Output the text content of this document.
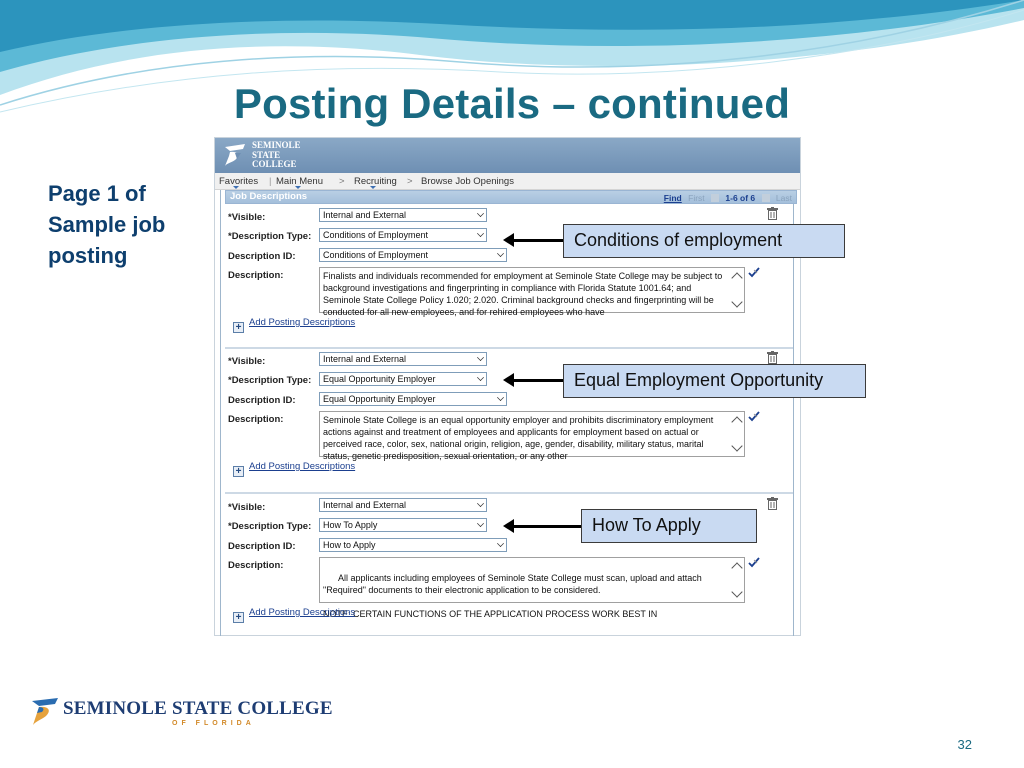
Posting Details – continued
Page 1 of Sample job posting
SEMINOLE
STATE
COLLEGE
Favorites | Main Menu > Recruiting > Browse Job Openings
Job Descriptions	Find First 1-6 of 6 Last
*Visible:	Internal and External
*Description Type:	Conditions of Employment
Description ID:	Conditions of Employment
Description:	Finalists and individuals recommended for employment at Seminole State College may be subject to background investigations and fingerprinting in compliance with Florida Statute 1001.64; and Seminole State College Policy 1.020; 2.020. Criminal background checks and fingerprinting will be conducted for all new employees, and for rehired employees who have
+ Add Posting Descriptions
*Visible:	Internal and External
*Description Type:	Equal Opportunity Employer
Description ID:	Equal Opportunity Employer
Description:	Seminole State College is an equal opportunity employer and prohibits discriminatory employment actions against and treatment of employees and applicants for employment based on actual or perceived race, color, sex, national origin, religion, age, gender, disability, military status, marital status, genetic predisposition, sexual orientation, or any other
+ Add Posting Descriptions
*Visible:	Internal and External
*Description Type:	How To Apply
Description ID:	How to Apply
Description:

All applicants including employees of Seminole State College must scan, upload and attach "Required" documents to their electronic application to be considered.

NOTE: CERTAIN FUNCTIONS OF THE APPLICATION PROCESS WORK BEST IN

+ Add Posting Descriptions
Conditions of employment
Equal Employment Opportunity
How To Apply
SEMINOLE STATE COLLEGE
OF FLORIDA
32
